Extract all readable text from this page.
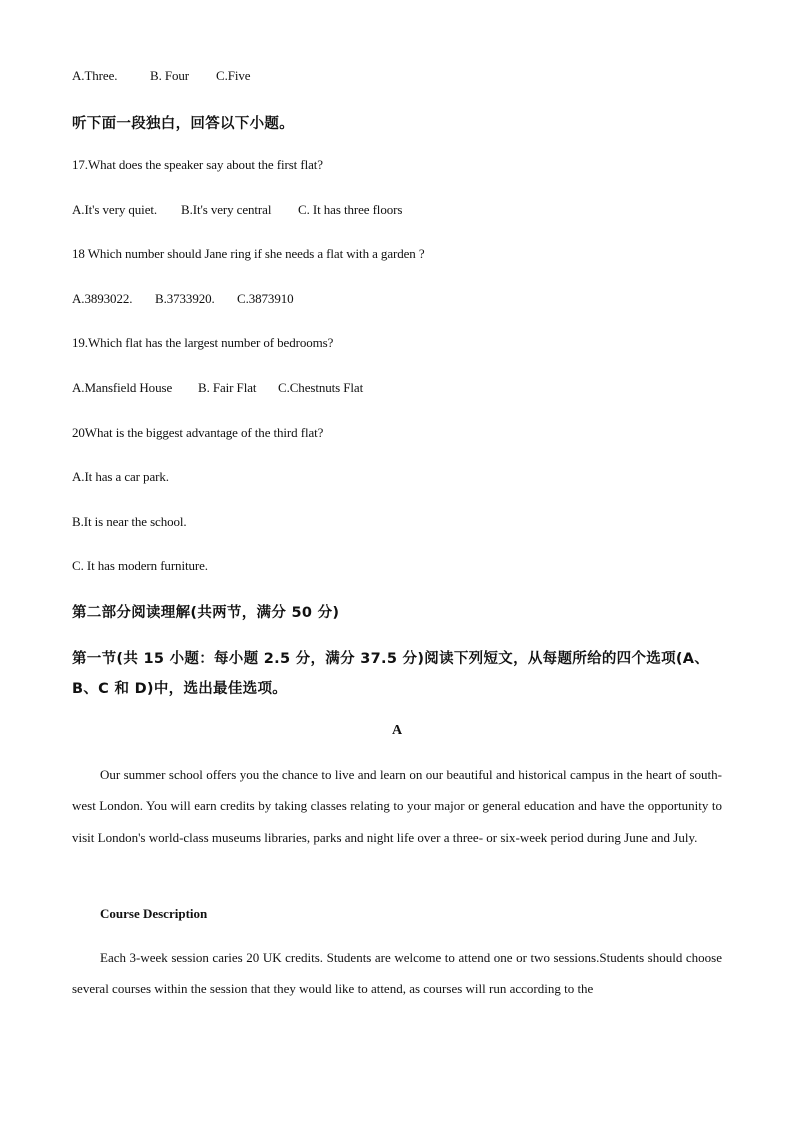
A.Three.	B. Four C.Five
听下面一段独白，回答以下小题。
17.What does the speaker say about the first flat?
A.It's very quiet. B.It's very central C. It has three floors
18 Which number should Jane ring if she needs a flat with a garden ?
A.3893022. B.3733920. C.3873910
19.Which flat has the largest number of bedrooms?
A.Mansfield House B. Fair Flat C.Chestnuts Flat
20What is the biggest advantage of the third flat?
A.It has a car park.
B.It is near the school.
C. It has modern furniture.
第二部分阅读理解(共两节，满分 50 分)
第一节(共 15 小题：每小题 2.5 分，满分 37.5 分)阅读下列短文，从每题所给的四个选项(A、
B、C 和 D)中，选出最佳选项。
A
Our summer school offers you the chance to live and learn on our beautiful and historical campus in the heart of south-west London. You will earn credits by taking classes relating to your major or general education and have the opportunity to visit London's world-class museums libraries, parks and night life over a three- or six-week period during June and July.
Course Description
Each 3-week session caries 20 UK credits. Students are welcome to attend one or two sessions.Students should choose several courses within the session that they would like to attend, as courses will run according to the
